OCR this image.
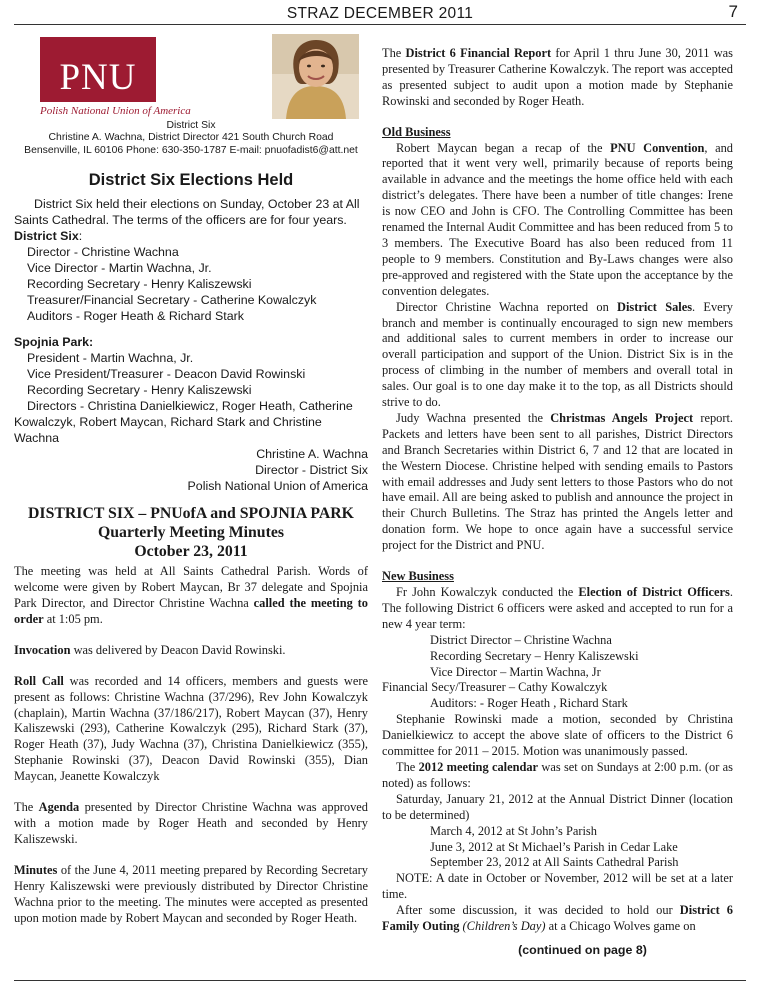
STRAZ DECEMBER 2011	7
PNU
Polish National Union of America
District Six
Christine A. Wachna, District Director 421 South Church Road
Bensenville, IL 60106 Phone: 630-350-1787 E-mail: pnuofadist6@att.net
District Six Elections Held

District Six held their elections on Sunday, October 23 at All Saints Cathedral. The terms of the officers are for four years.

District Six:

Director - Christine Wachna

Vice Director - Martin Wachna, Jr.

Recording Secretary - Henry Kaliszewski

Treasurer/Financial Secretary - Catherine Kowalczyk

Auditors - Roger Heath & Richard Stark

Spojnia Park:

President - Martin Wachna, Jr.

Vice President/Treasurer - Deacon David Rowinski

Recording Secretary - Henry Kaliszewski

Directors - Christina Danielkiewicz, Roger Heath, Catherine Kowalczyk, Robert Maycan, Richard Stark and Christine Wachna

Christine A. Wachna

Director - District Six

Polish National Union of America

DISTRICT SIX – PNUofA and SPOJNIA PARK
Quarterly Meeting Minutes
October 23, 2011

The meeting was held at All Saints Cathedral Parish. Words of welcome were given by Robert Maycan, Br 37 delegate and Spojnia Park Director, and Director Christine Wachna called the meeting to order at 1:05 pm.

Invocation was delivered by Deacon David Rowinski.

Roll Call was recorded and 14 officers, members and guests were present as follows: Christine Wachna (37/296), Rev John Kowalczyk (chaplain), Martin Wachna (37/186/217), Robert Maycan (37), Henry Kaliszewski (293), Catherine Kowalczyk (295), Richard Stark (37), Roger Heath (37), Judy Wachna (37), Christina Danielkiewicz (355), Stephanie Rowinski (37), Deacon David Rowinski (355), Dian Maycan, Jeanette Kowalczyk

The Agenda presented by Director Christine Wachna was approved with a motion made by Roger Heath and seconded by Henry Kaliszewski.

Minutes of the June 4, 2011 meeting prepared by Recording Secretary Henry Kaliszewski were previously distributed by Director Christine Wachna prior to the meeting. The minutes were accepted as presented upon motion made by Robert Maycan and seconded by Roger Heath.

The District 6 Financial Report for April 1 thru June 30, 2011 was presented by Treasurer Catherine Kowalczyk. The report was accepted as presented subject to audit upon a motion made by Stephanie Rowinski and seconded by Roger Heath.

Old Business

Robert Maycan began a recap of the PNU Convention, and reported that it went very well, primarily because of reports being available in advance and the meetings the home office held with each district’s delegates. There have been a number of title changes: Irene is now CEO and John is CFO. The Controlling Committee has been renamed the Internal Audit Committee and has been reduced from 5 to 3 members. The Executive Board has also been reduced from 11 people to 9 members. Constitution and By-Laws changes were also pre-approved and registered with the State upon the acceptance by the convention delegates.

Director Christine Wachna reported on District Sales. Every branch and member is continually encouraged to sign new members and additional sales to current members in order to increase our overall participation and support of the Union. District Six is in the process of climbing in the number of members and overall total in sales. Our goal is to one day make it to the top, as all Districts should strive to do.

Judy Wachna presented the Christmas Angels Project report. Packets and letters have been sent to all parishes, District Directors and Branch Secretaries within District 6, 7 and 12 that are located in the Western Diocese. Christine helped with sending emails to Pastors with email addresses and Judy sent letters to those Pastors who do not have email. All are being asked to publish and announce the project in their Church Bulletins. The Straz has printed the Angels letter and donation form. We hope to once again have a successful service project for the District and PNU.

New Business

Fr John Kowalczyk conducted the Election of District Officers. The following District 6 officers were asked and accepted to run for a new 4 year term:

District Director – Christine Wachna

Recording Secretary – Henry Kaliszewski

Vice Director – Martin Wachna, Jr

Financial Secy/Treasurer – Cathy Kowalczyk

Auditors: - Roger Heath , Richard Stark

Stephanie Rowinski made a motion, seconded by Christina Danielkiewicz to accept the above slate of officers to the District 6 committee for 2011 – 2015. Motion was unanimously passed.

The 2012 meeting calendar was set on Sundays at 2:00 p.m. (or as noted) as follows:

Saturday, January 21, 2012 at the Annual District Dinner (location to be determined)

March 4, 2012 at St John’s Parish

June 3, 2012 at St Michael’s Parish in Cedar Lake

September 23, 2012 at All Saints Cathedral Parish

NOTE: A date in October or November, 2012 will be set at a later time.

After some discussion, it was decided to hold our District 6 Family Outing (Children’s Day) at a Chicago Wolves game on

(continued on page 8)
